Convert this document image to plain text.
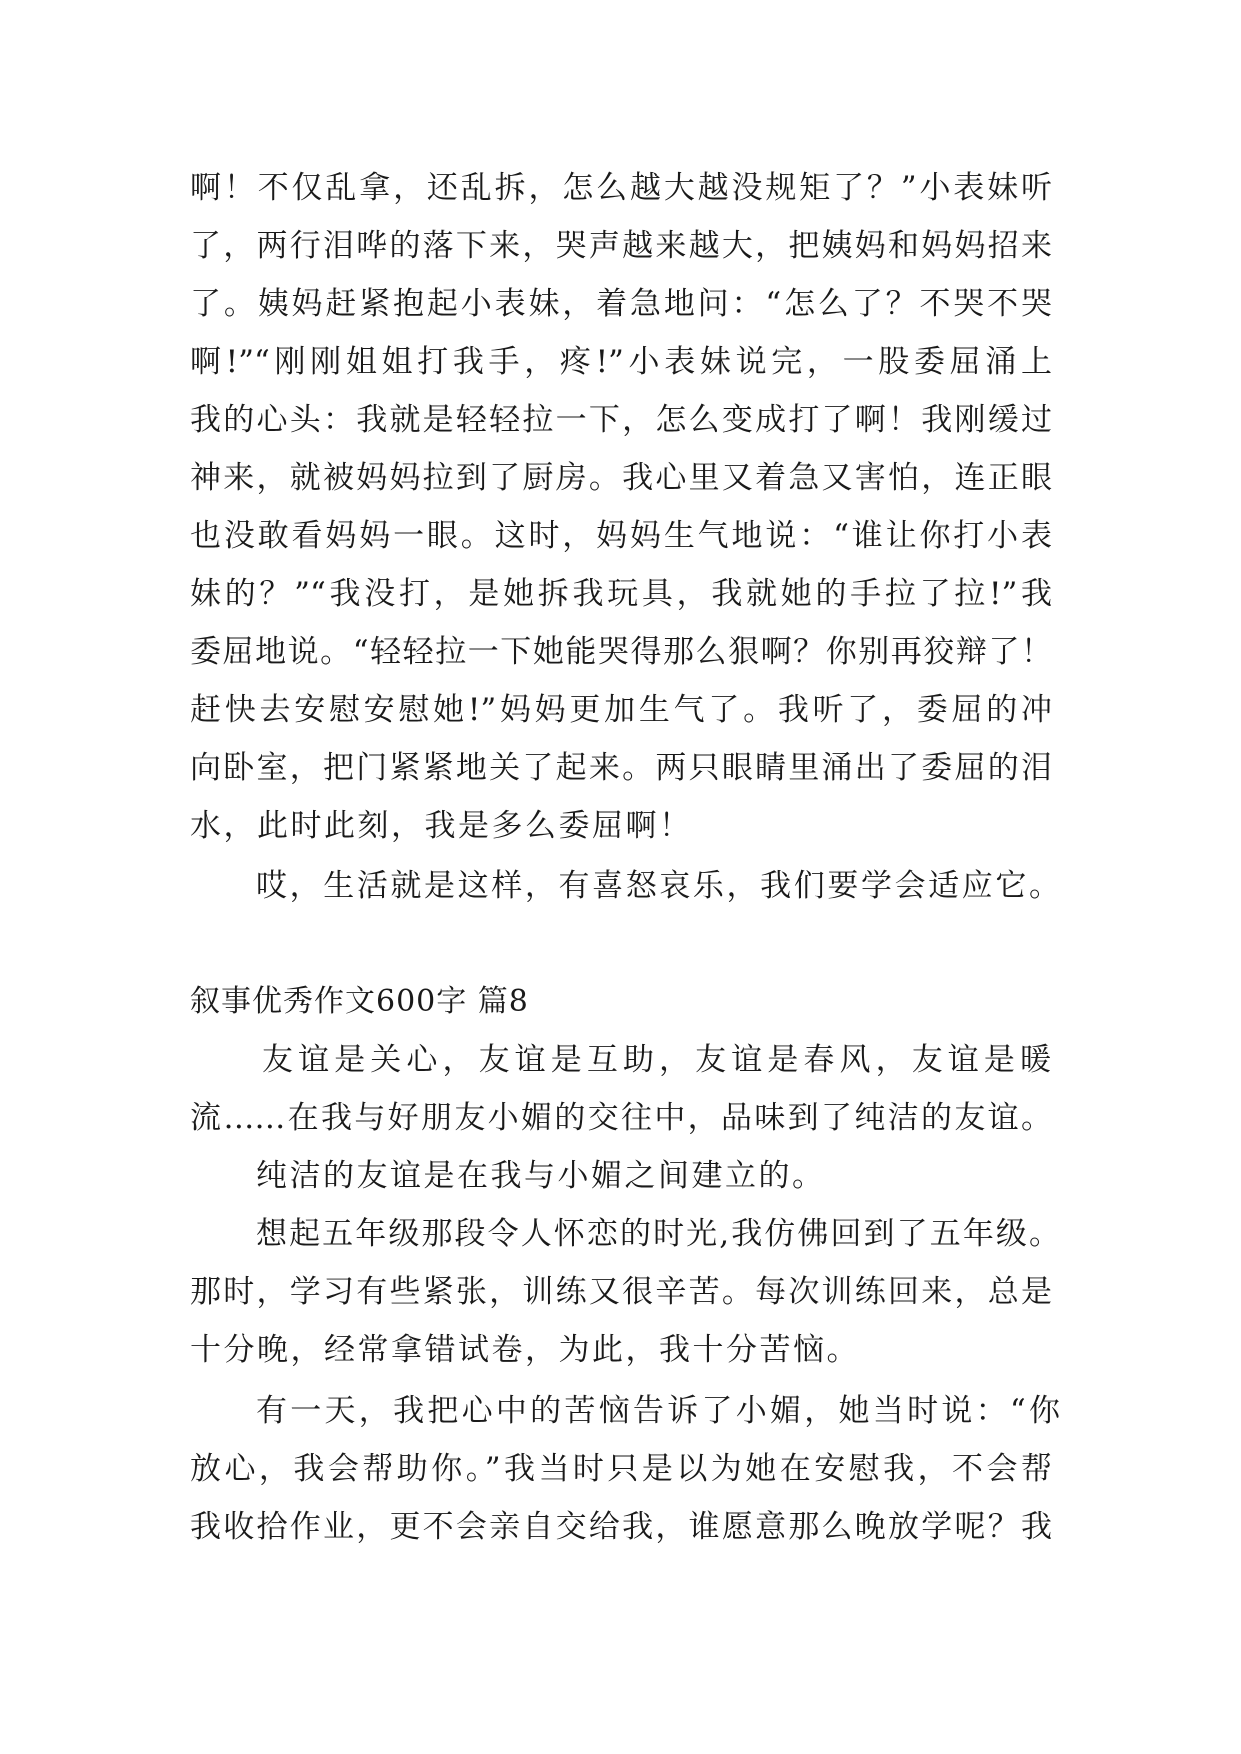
啊！不仅乱拿，还乱拆，怎么越大越没规矩了？”小表妹听
了，两行泪哗的落下来，哭声越来越大，把姨妈和妈妈招来
了。姨妈赶紧抱起小表妹，着急地问：“怎么了？不哭不哭
啊!”“刚刚姐姐打我手，疼!”小表妹说完，一股委屈涌上
我的心头：我就是轻轻拉一下，怎么变成打了啊！我刚缓过
神来，就被妈妈拉到了厨房。我心里又着急又害怕，连正眼
也没敢看妈妈一眼。这时，妈妈生气地说：“谁让你打小表
妹的？”“我没打，是她拆我玩具，我就她的手拉了拉!”我
委屈地说。“轻轻拉一下她能哭得那么狠啊？你别再狡辩了！
赶快去安慰安慰她!”妈妈更加生气了。我听了，委屈的冲
向卧室，把门紧紧地关了起来。两只眼睛里涌出了委屈的泪
水，此时此刻，我是多么委屈啊！
哎，生活就是这样，有喜怒哀乐，我们要学会适应它。
叙事优秀作文600字 篇8
友谊是关心，友谊是互助，友谊是春风，友谊是暖
流……在我与好朋友小媚的交往中，品味到了纯洁的友谊。
纯洁的友谊是在我与小媚之间建立的。
想起五年级那段令人怀恋的时光,我仿佛回到了五年级。
那时，学习有些紧张，训练又很辛苦。每次训练回来，总是
十分晚，经常拿错试卷，为此，我十分苦恼。
有一天，我把心中的苦恼告诉了小媚，她当时说：“你
放心，我会帮助你。”我当时只是以为她在安慰我，不会帮
我收拾作业，更不会亲自交给我，谁愿意那么晚放学呢？我
